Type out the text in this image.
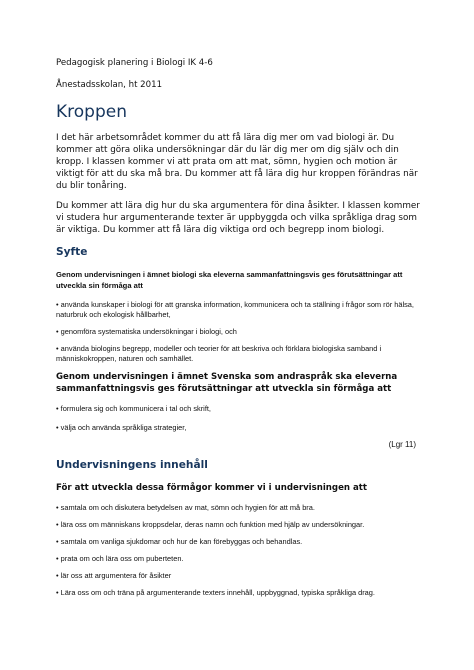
Pedagogisk planering i Biologi IK 4-6

Ånestadsskolan, ht 2011

Kroppen

I det här arbetsområdet kommer du att få lära dig mer om vad biologi är. Du kommer att göra olika undersökningar där du lär dig mer om dig själv och din kropp. I klassen kommer vi att prata om att mat, sömn, hygien och motion är viktigt för att du ska må bra. Du kommer att få lära dig hur kroppen förändras när du blir tonåring.

Du kommer att lära dig hur du ska argumentera för dina åsikter. I klassen kommer vi studera hur argumenterande texter är uppbyggda och vilka språkliga drag som är viktiga. Du kommer att få lära dig viktiga ord och begrepp inom biologi.

Syfte

Genom undervisningen i ämnet biologi ska eleverna sammanfattningsvis ges förutsättningar att utveckla sin förmåga att

• använda kunskaper i biologi för att granska information, kommunicera och ta ställning i frågor som rör hälsa, naturbruk och ekologisk hållbarhet,
• genomföra systematiska undersökningar i biologi, och
• använda biologins begrepp, modeller och teorier för att beskriva och förklara biologiska samband i människokroppen, naturen och samhället.

Genom undervisningen i ämnet Svenska som andraspråk ska eleverna sammanfattningsvis ges förutsättningar att utveckla sin förmåga att

• formulera sig och kommunicera i tal och skrift,
• välja och använda språkliga strategier,

(Lgr 11)

Undervisningens innehåll

För att utveckla dessa förmågor kommer vi i undervisningen att

• samtala om och diskutera betydelsen av mat, sömn och hygien för att må bra.
• lära oss om människans kroppsdelar, deras namn och funktion med hjälp av undersökningar.
• samtala om vanliga sjukdomar och hur de kan förebyggas och behandlas.
• prata om och lära oss om puberteten.
• lär oss att argumentera för åsikter
• Lära oss om och träna på argumenterande texters innehåll, uppbyggnad, typiska språkliga drag.
